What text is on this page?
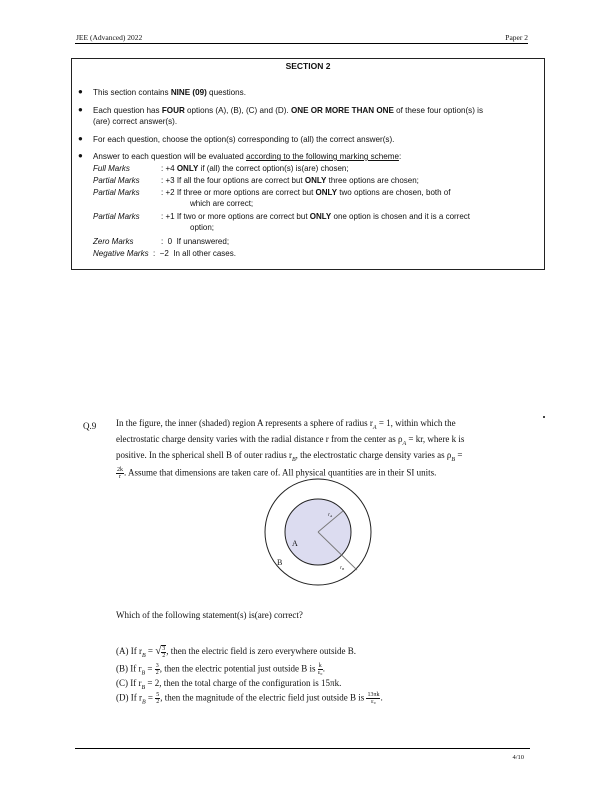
JEE (Advanced) 2022	Paper 2
SECTION 2
● This section contains NINE (09) questions.
● Each question has FOUR options (A), (B), (C) and (D). ONE OR MORE THAN ONE of these four option(s) is
(are) correct answer(s).
● For each question, choose the option(s) corresponding to (all) the correct answer(s).
● Answer to each question will be evaluated according to the following marking scheme:
Full Marks	: +4 ONLY if (all) the correct option(s) is(are) chosen;
Partial Marks	: +3 If all the four options are correct but ONLY three options are chosen;
Partial Marks	: +2 If three or more options are correct but ONLY two options are chosen, both of
which are correct;
Partial Marks	: +1 If two or more options are correct but ONLY one option is chosen and it is a correct
option;
Zero Marks	:  0 If unanswered;
Negative Marks :  −2 In all other cases.
Q.9 In the figure, the inner (shaded) region A represents a sphere of radius $r_A = 1$, within which the
electrostatic charge density varies with the radial distance r from the center as $\rho_A$ = kr, where k is
positive. In the spherical shell B of outer radius $r_B$, the electrostatic charge density varies as $\rho_B$ =

$\frac{2k}{r}$ . Assume that dimensions are taken care of. All physical quantities are in their SI units.
A
B
$r_A$
$r_B$
Which of the following statement(s) is(are) correct?
(A) If $r_B$ = √ $\frac{3}{2}$ , then the electric field is zero everywhere outside B.
(B) If $r_B = \frac{3}{2}$ , then the electric potential just outside B is $\frac{k}{\text{ε₀}}$ .
(C) If $r_B = 2$, then the total charge of the configuration is 15πk.
(D) If $r_B = \frac{5}{2}$ , then the magnitude of the electric field just outside B is $\frac{13\pi k}{\text{ε₀}}$ .
4/10
